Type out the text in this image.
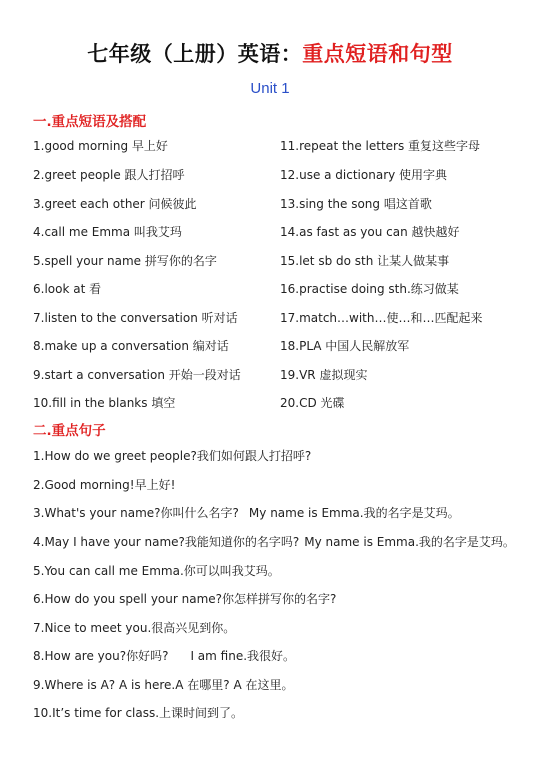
七年级（上册）英语：重点短语和句型
Unit 1
一.重点短语及搭配
1.good morning 早上好
2.greet people 跟人打招呼
3.greet each other 问候彼此
4.call me Emma 叫我艾玛
5.spell your name 拼写你的名字
6.look at 看
7.listen to the conversation 听对话
8.make up a conversation 编对话
9.start a conversation 开始一段对话
10.fill in the blanks 填空
11.repeat the letters 重复这些字母
12.use a dictionary 使用字典
13.sing the song 唱这首歌
14.as fast as you can 越快越好
15.let sb do sth 让某人做某事
16.practise doing sth.练习做某
17.match…with…使…和…匹配起来
18.PLA 中国人民解放军
19.VR 虚拟现实
20.CD 光碟
二.重点句子
1.How do we greet people?我们如何跟人打招呼?
2.Good morning!早上好!
3.What's your name?你叫什么名字? My name is Emma.我的名字是艾玛。
4.May I have your name?我能知道你的名字吗? My name is Emma.我的名字是艾玛。
5.You can call me Emma.你可以叫我艾玛。
6.How do you spell your name?你怎样拼写你的名字?
7.Nice to meet you.很高兴见到你。
8.How are you?你好吗? I am fine.我很好。
9.Where is A? A is here.A 在哪里? A 在这里。
10.It’s time for class.上课时间到了。
